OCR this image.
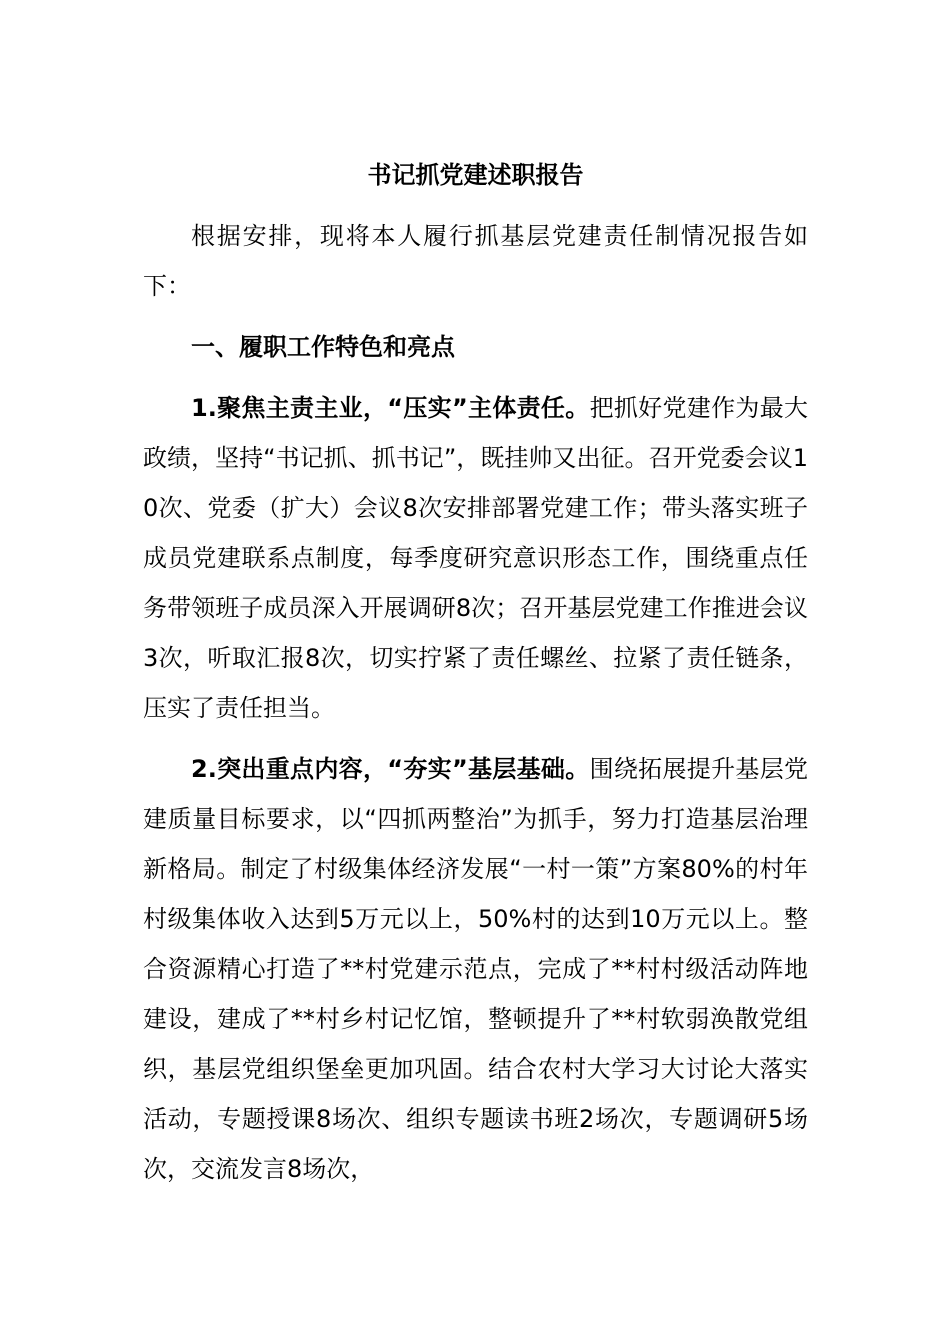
书记抓党建述职报告

根据安排，现将本人履行抓基层党建责任制情况报告如下：

一、履职工作特色和亮点

1.聚焦主责主业，“压实”主体责任。把抓好党建作为最大政绩，坚持“书记抓、抓书记”，既挂帅又出征。召开党委会议10次、党委（扩大）会议8次安排部署党建工作；带头落实班子成员党建联系点制度，每季度研究意识形态工作，围绕重点任务带领班子成员深入开展调研8次；召开基层党建工作推进会议3次，听取汇报8次，切实拧紧了责任螺丝、拉紧了责任链条，压实了责任担当。

2.突出重点内容，“夯实”基层基础。围绕拓展提升基层党建质量目标要求，以“四抓两整治”为抓手，努力打造基层治理新格局。制定了村级集体经济发展“一村一策”方案80%的村年村级集体收入达到5万元以上，50%村的达到10万元以上。整合资源精心打造了**村党建示范点，完成了**村村级活动阵地建设，建成了**村乡村记忆馆，整顿提升了**村软弱涣散党组织，基层党组织堡垒更加巩固。结合农村大学习大讨论大落实活动，专题授课8场次、组织专题读书班2场次，专题调研5场次，交流发言8场次，
